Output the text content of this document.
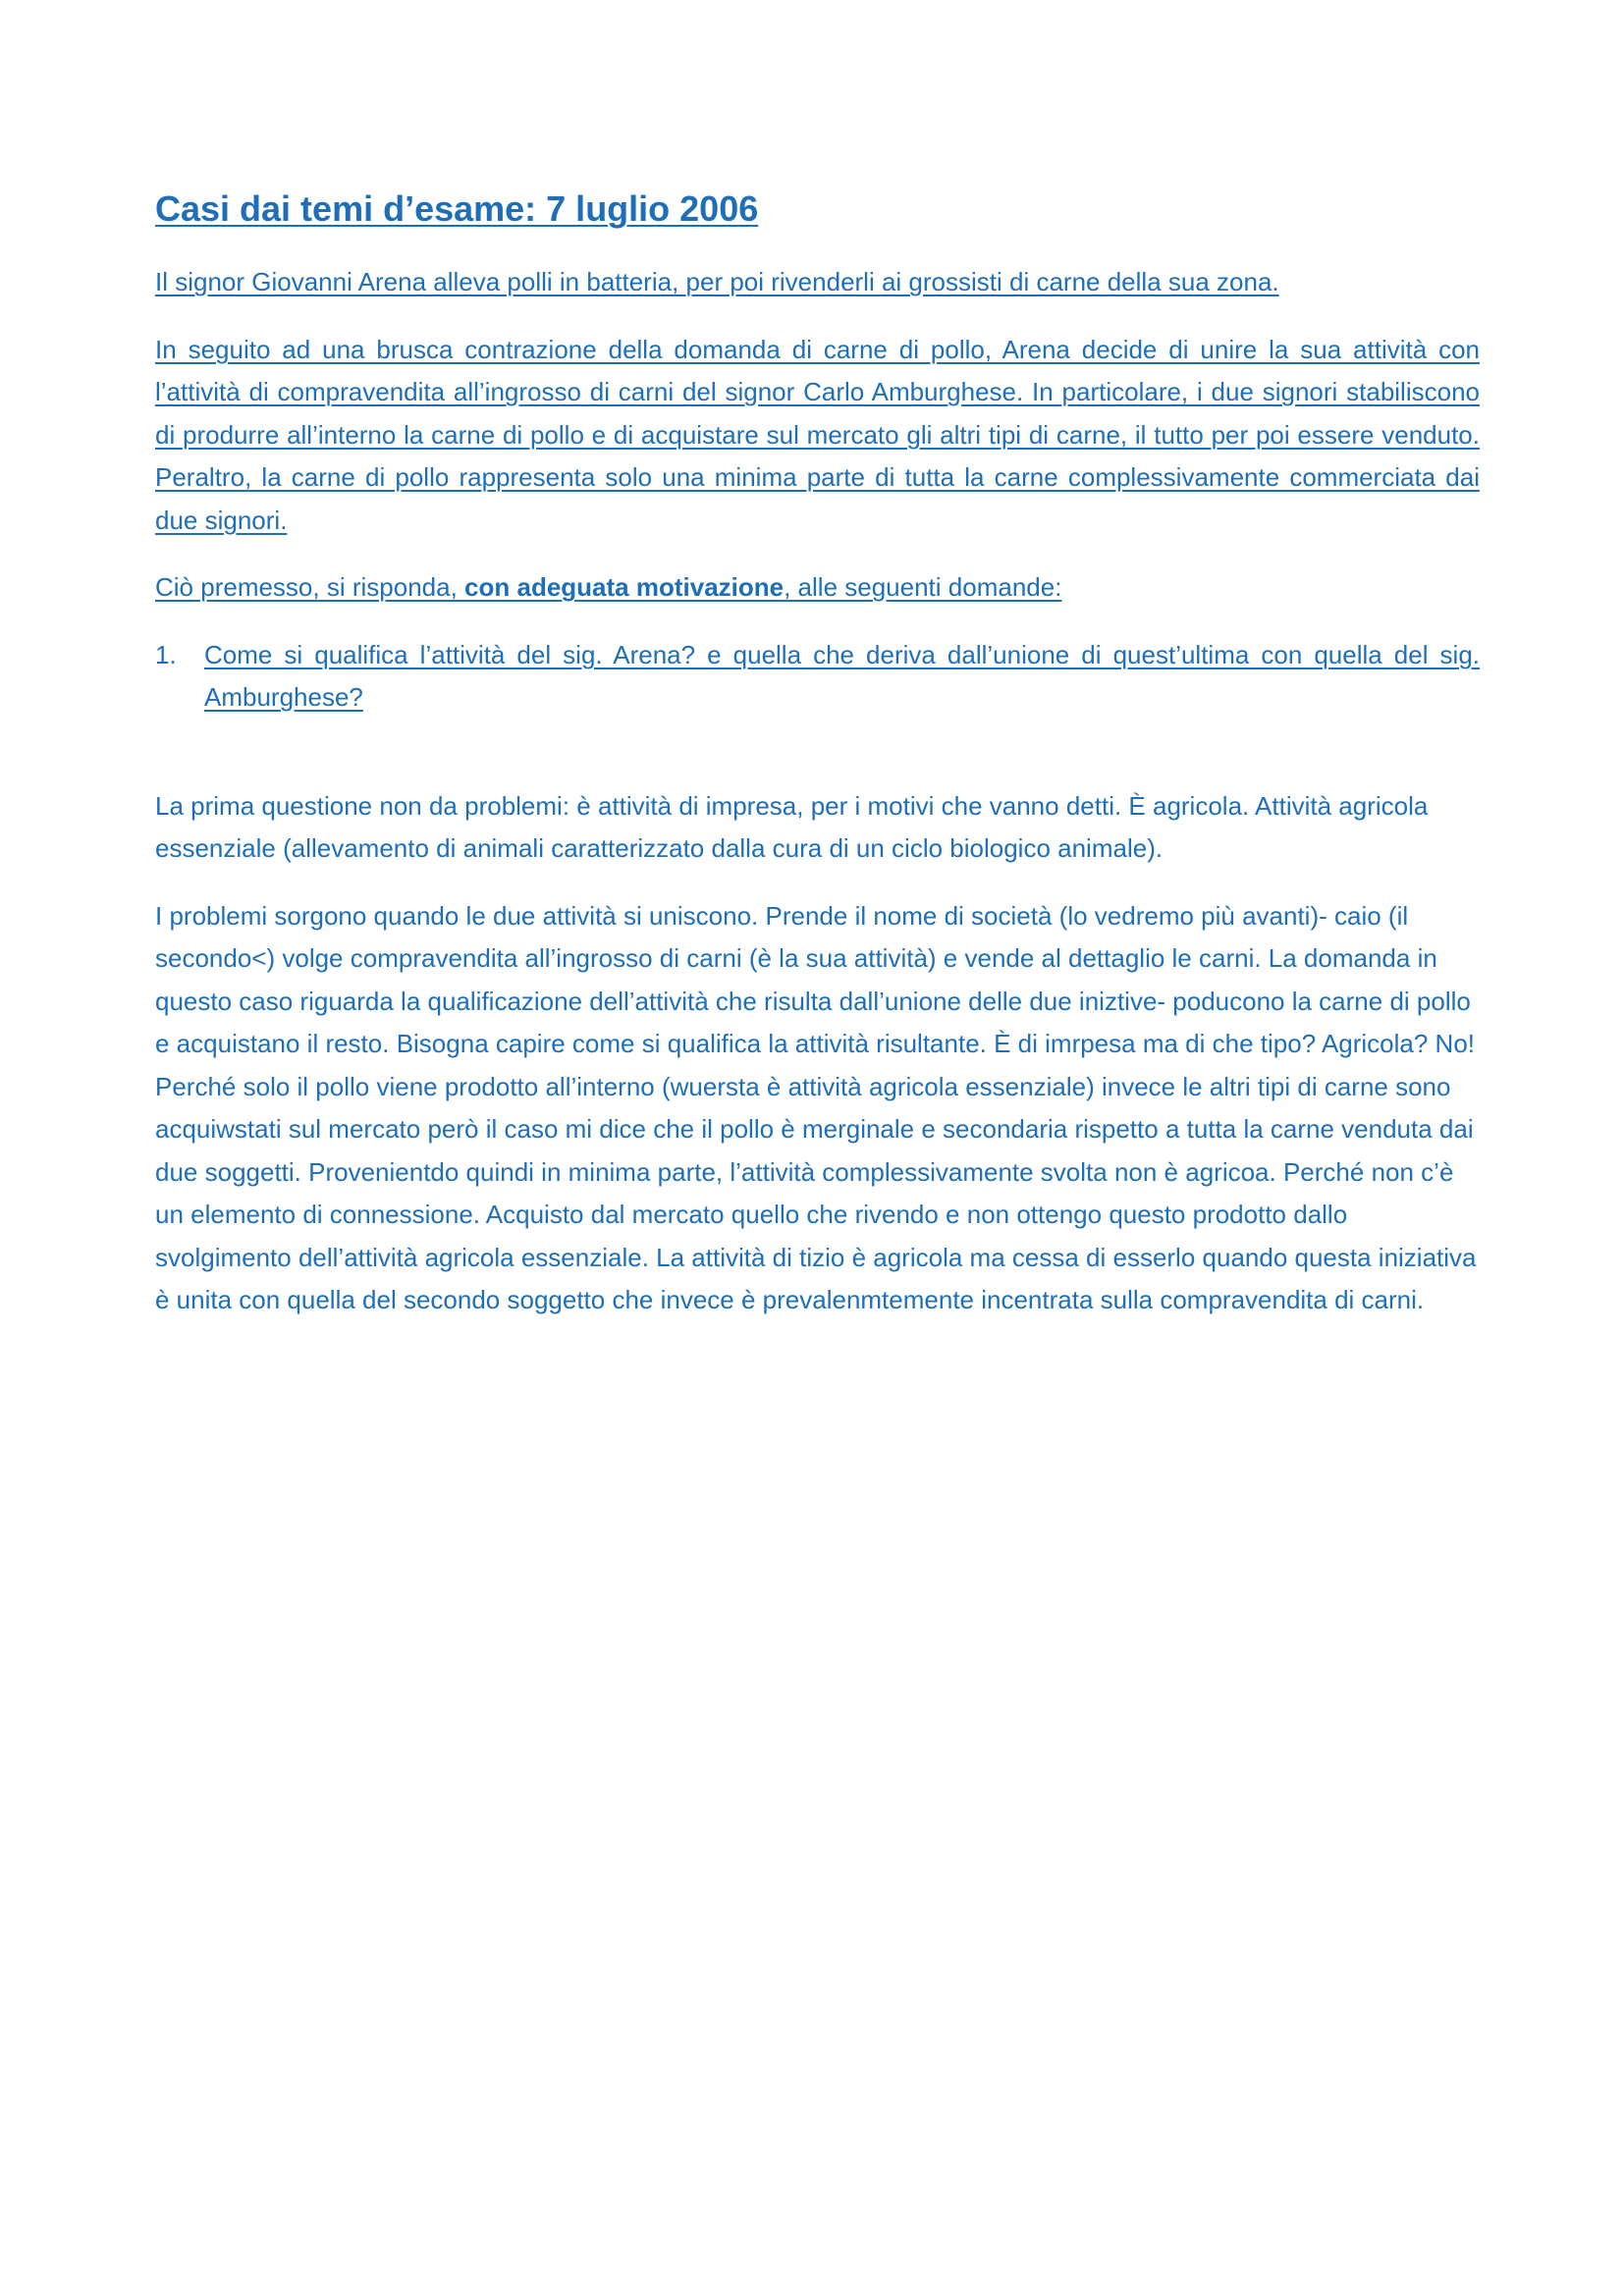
Casi dai temi d’esame: 7 luglio 2006
Il signor Giovanni Arena alleva polli in batteria, per poi rivenderli ai grossisti di carne della sua zona.
In seguito ad una brusca contrazione della domanda di carne di pollo, Arena decide di unire la sua attività con l’attività di compravendita all’ingrosso di carni del signor Carlo Amburghese. In particolare, i due signori stabiliscono di produrre all’interno la carne di pollo e di acquistare sul mercato gli altri tipi di carne, il tutto per poi essere venduto. Peraltro, la carne di pollo rappresenta solo una minima parte di tutta la carne complessivamente commerciata dai due signori.
Ciò premesso, si risponda, con adeguata motivazione, alle seguenti domande:
1.	Come si qualifica l’attività del sig. Arena? e quella che deriva dall’unione di quest’ultima con quella del sig. Amburghese?
La prima questione non da problemi: è attività di impresa, per i motivi che vanno detti. È agricola. Attività agricola essenziale (allevamento di animali caratterizzato dalla cura di un ciclo biologico animale).
I problemi sorgono quando le due attività si uniscono. Prende il nome di società (lo vedremo più avanti)- caio (il secondo<) volge compravendita all’ingrosso di carni (è la sua attività) e vende al dettaglio le carni. La domanda in questo caso riguarda la qualificazione dell’attività che risulta dall’unione delle due iniztive- poducono la carne di pollo e acquistano il resto. Bisogna capire come si qualifica la attività risultante. È di imrpesa ma di che tipo? Agricola? No! Perché solo il pollo viene prodotto all’interno (wuersta è attività agricola essenziale) invece le altri tipi di carne sono acquiwstati sul mercato però il caso mi dice che il pollo è merginale e secondaria rispetto a tutta la carne venduta dai due soggetti. Provenientdo quindi in minima parte, l’attività complessivamente svolta non è agricoa. Perché non c’è un elemento di connessione. Acquisto dal mercato quello che rivendo e non ottengo questo prodotto dallo svolgimento dell’attività agricola essenziale. La attività di tizio è agricola ma cessa di esserlo quando questa iniziativa è unita con quella del secondo soggetto che invece è prevalenmtemente incentrata sulla compravendita di carni.
